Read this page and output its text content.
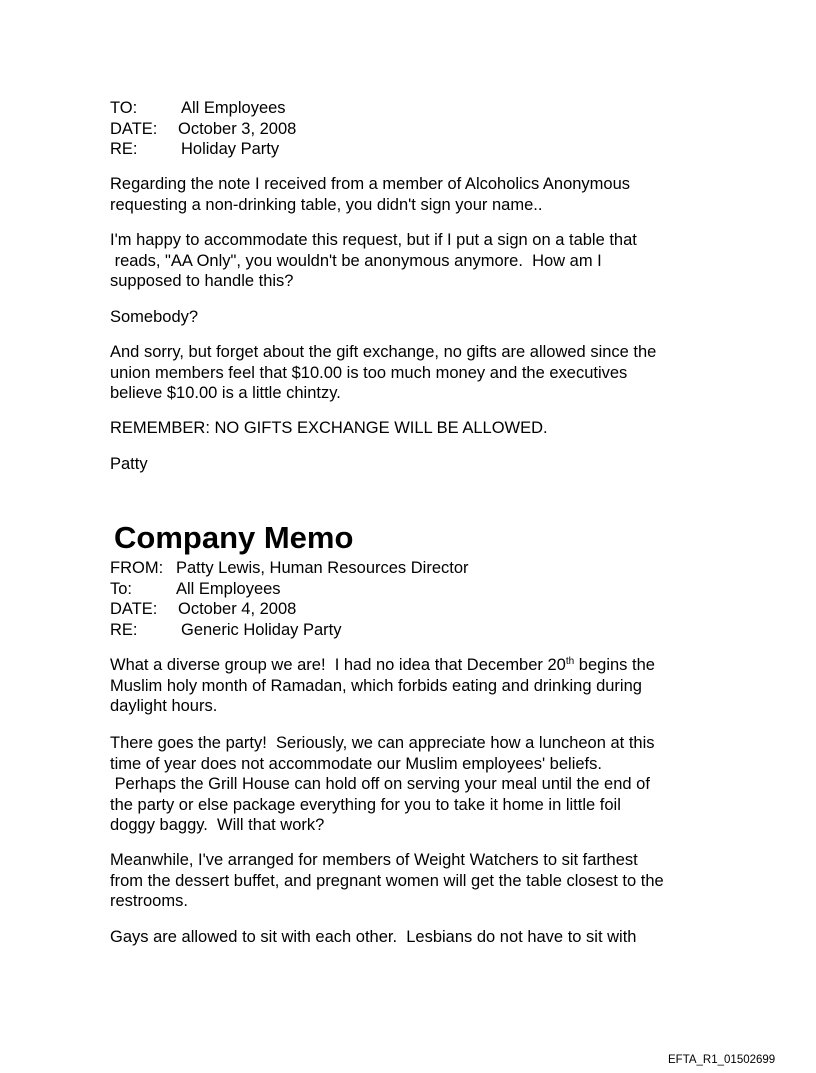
TO:	All Employees
DATE: October 3, 2008
RE:	Holiday Party
Regarding the note I received from a member of Alcoholics Anonymous
requesting a non-drinking table, you didn't sign your name..
I'm happy to accommodate this request, but if I put a sign on a table that
reads, "AA Only", you wouldn't be anonymous anymore.  How am I
supposed to handle this?
Somebody?
And sorry, but forget about the gift exchange, no gifts are allowed since the
union members feel that $10.00 is too much money and the executives
believe $10.00 is a little chintzy.
REMEMBER: NO GIFTS EXCHANGE WILL BE ALLOWED.
Patty
Company Memo
FROM: Patty Lewis, Human Resources Director
To:	All Employees
DATE: October 4, 2008
RE:	Generic Holiday Party
What a diverse group we are!  I had no idea that December 20th begins the
Muslim holy month of Ramadan, which forbids eating and drinking during
daylight hours.
There goes the party!  Seriously, we can appreciate how a luncheon at this
time of year does not accommodate our Muslim employees' beliefs.
Perhaps the Grill House can hold off on serving your meal until the end of
the party or else package everything for you to take it home in little foil
doggy baggy.  Will that work?
Meanwhile, I've arranged for members of Weight Watchers to sit farthest
from the dessert buffet, and pregnant women will get the table closest to the
restrooms.
Gays are allowed to sit with each other.  Lesbians do not have to sit with
EFTA_R1_01502699
